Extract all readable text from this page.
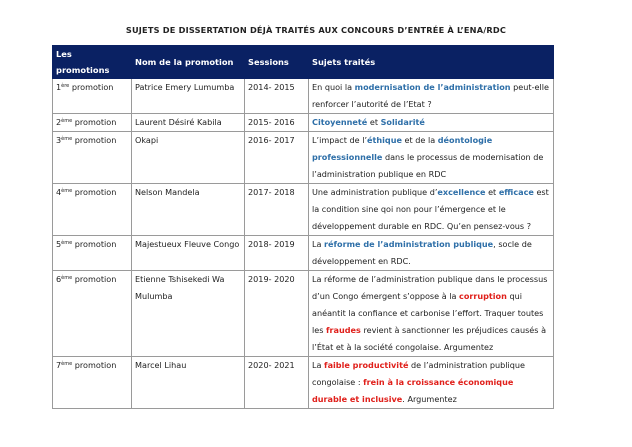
SUJETS DE DISSERTATION DÉJÀ TRAITÉS AUX CONCOURS D’ENTRÉE À L’ENA/RDC
Les promotions	Nom de la promotion	Sessions	Sujets traités
1ère promotion	Patrice Emery Lumumba	2014- 2015	En quoi la modernisation de l’administration peut-elle renforcer l’autorité de l’Etat ?
2ème promotion	Laurent Désiré Kabila	2015- 2016	Citoyenneté et Solidarité
3ème promotion	Okapi	2016- 2017	L’impact de l’éthique et de la déontologie professionnelle dans le processus de modernisation de l’administration publique en RDC
4ème promotion	Nelson Mandela	2017- 2018	Une administration publique d’excellence et efficace est la condition sine qoi non pour l’émergence et le développement durable en RDC. Qu’en pensez-vous ?
5ème promotion	Majestueux Fleuve Congo	2018- 2019	La réforme de l’administration publique, socle de développement en RDC.
6ème promotion	Etienne Tshisekedi Wa Mulumba	2019- 2020	La réforme de l’administration publique dans le processus d’un Congo émergent s’oppose à la corruption qui anéantit la confiance et carbonise l’effort. Traquer toutes les fraudes revient à sanctionner les préjudices causés à l’État et à la société congolaise. Argumentez
7ème promotion	Marcel Lihau	2020- 2021	La faible productivité de l’administration publique congolaise : frein à la croissance économique durable et inclusive. Argumentez
